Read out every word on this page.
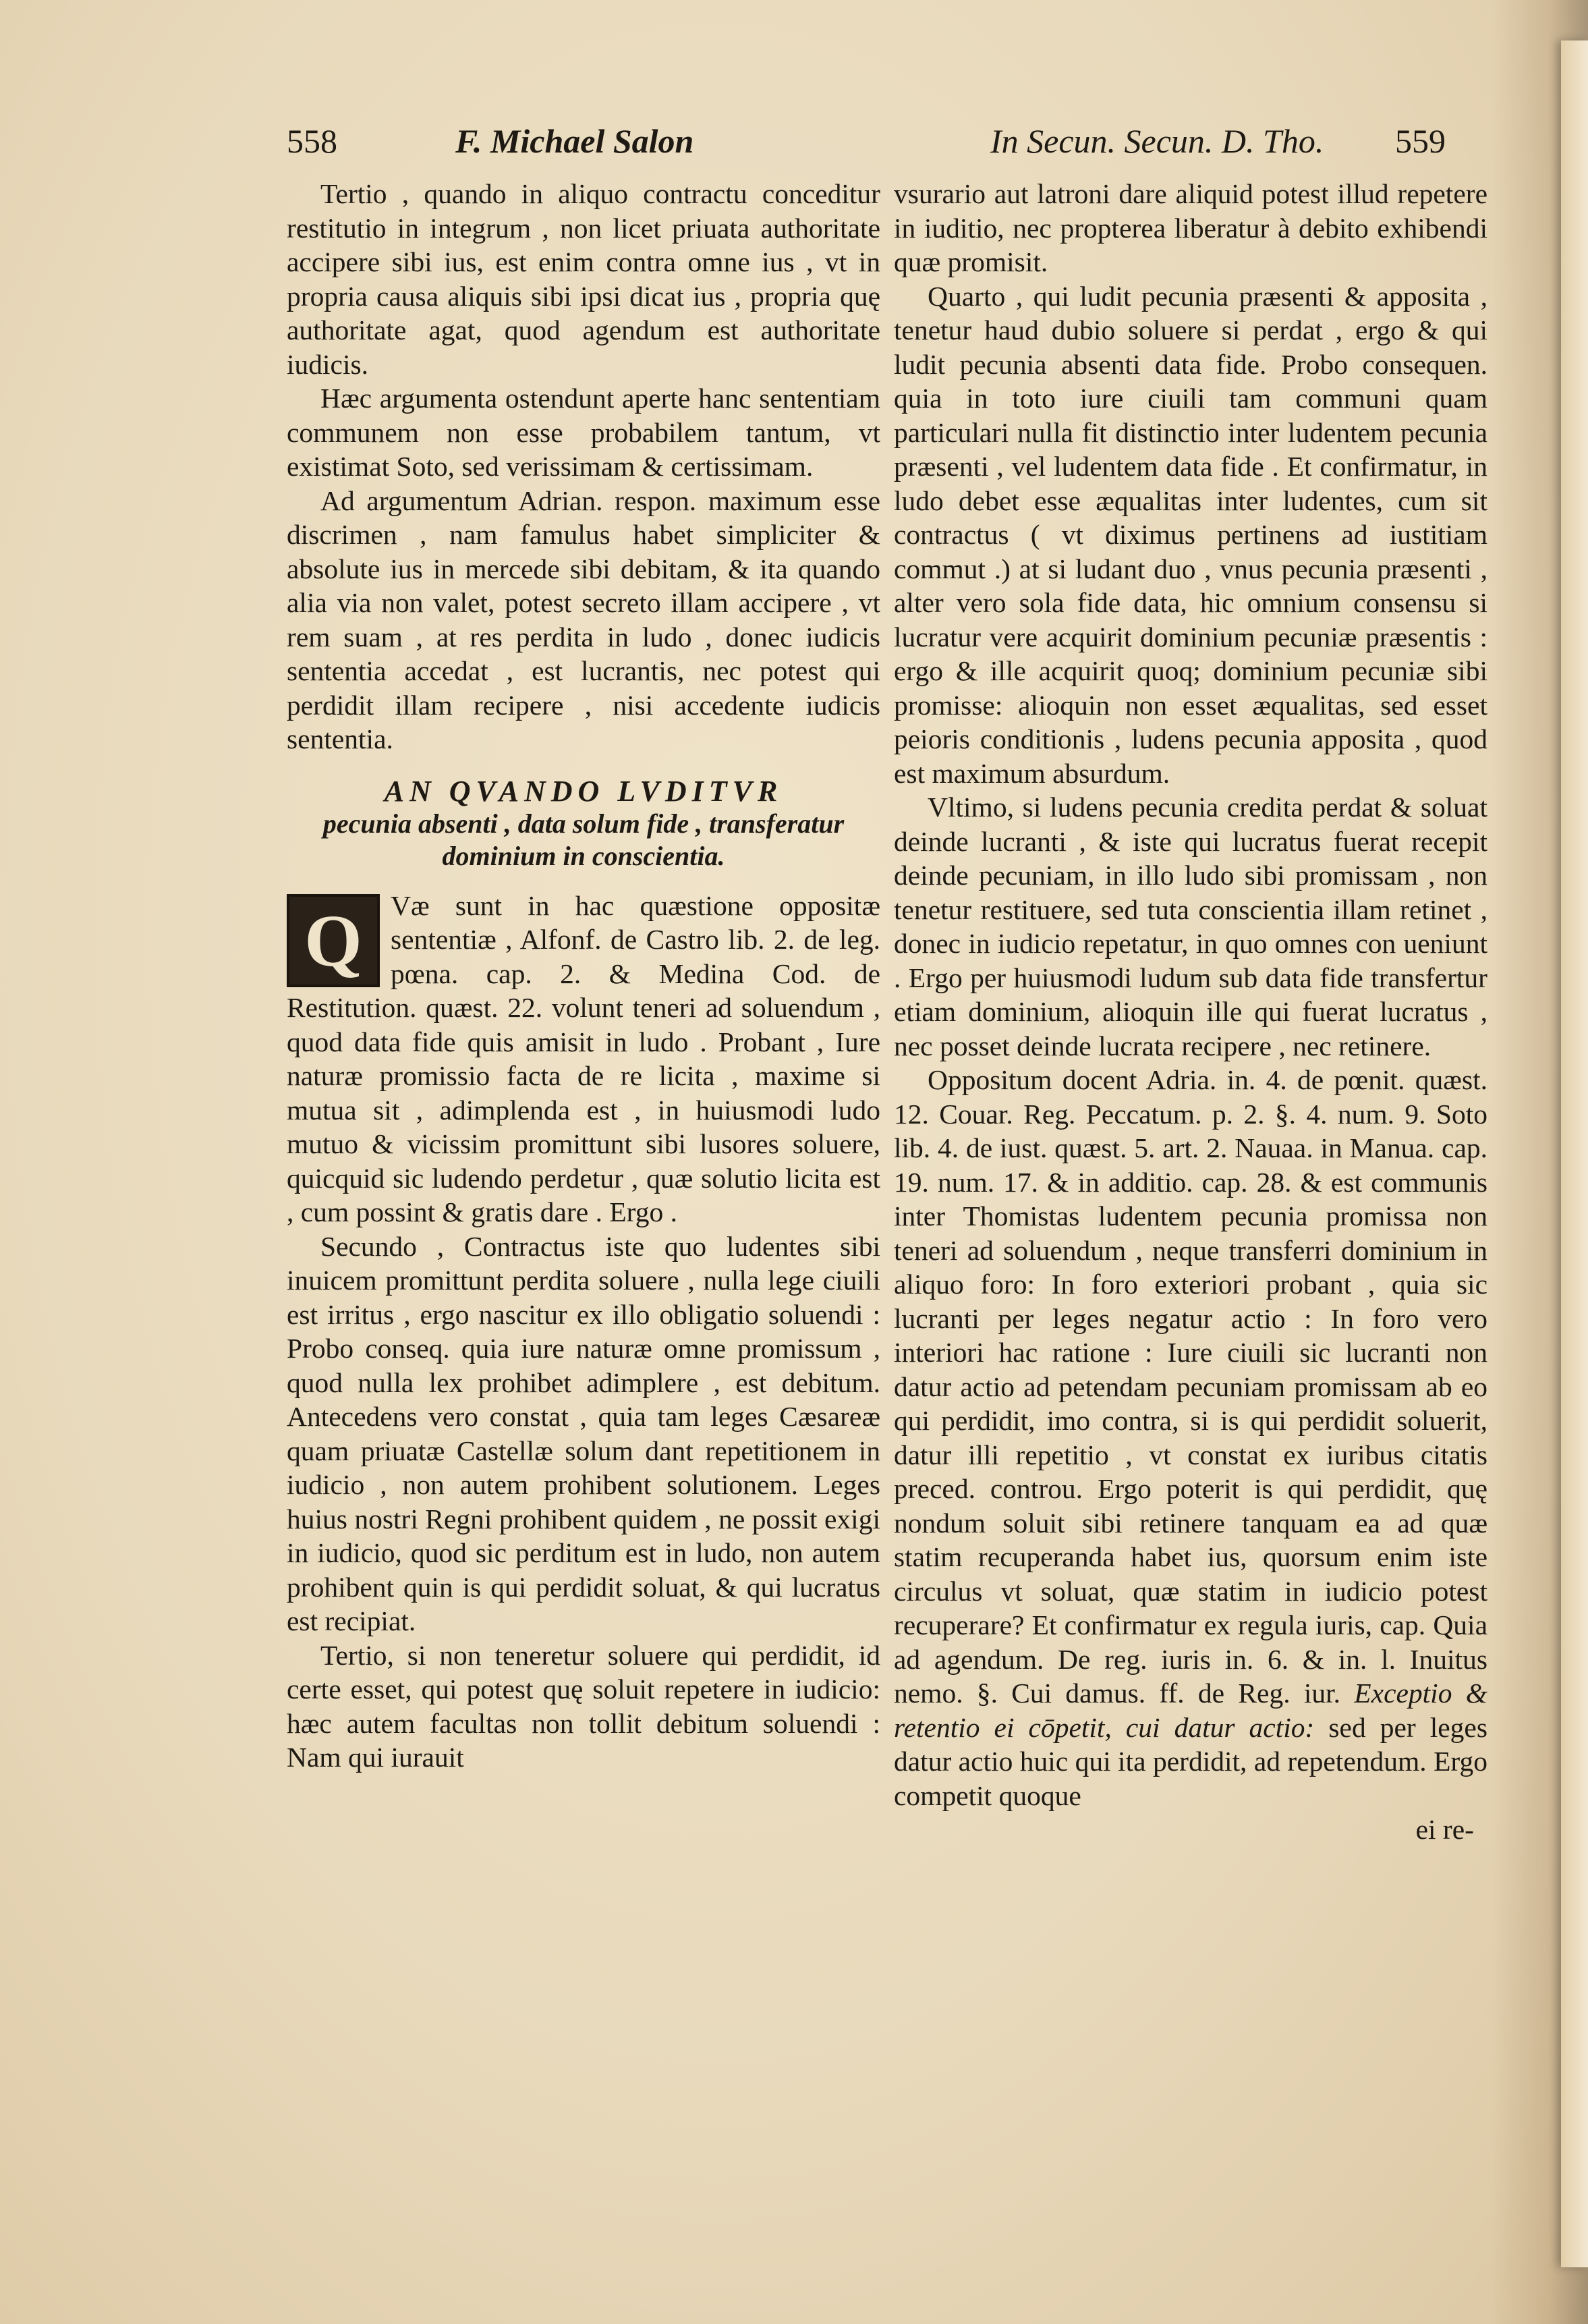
558	F. Michael Salon	In Secun. Secun. D. Tho. 559

Tertio , quando in aliquo contractu conceditur restitutio in integrum , non licet priuata authoritate accipere sibi ius, est enim contra omne ius , vt in propria causa aliquis sibi ipsi dicat ius , propria quę authoritate agat, quod agendum est authoritate iudicis.

Hæc argumenta ostendunt aperte hanc sententiam communem non esse probabilem tantum, vt existimat Soto, sed verissimam & certissimam.

Ad argumentum Adrian. respon. maximum esse discrimen , nam famulus habet simpliciter & absolute ius in mercede sibi debitam, & ita quando alia via non valet, potest secreto illam accipere , vt rem suam , at res perdita in ludo , donec iudicis sententia accedat , est lucrantis, nec potest qui perdidit illam recipere , nisi accedente iudicis sententia.

AN QVANDO LVDITVR
pecunia absenti , data solum fide , transferatur dominium in conscientia.

Q	Væ sunt in hac quæstione oppositæ sententiæ , Alfonf. de Castro lib. 2. de leg. pœna. cap. 2. & Medina Cod. de Restitution. quæst. 22. volunt teneri ad soluendum , quod data fide quis amisit in ludo . Probant , Iure naturæ promissio facta de re licita , maxime si mutua sit , adimplenda est , in huiusmodi ludo mutuo & vicissim promittunt sibi lusores soluere, quicquid sic ludendo perdetur , quæ solutio licita est , cum possint & gratis dare . Ergo .

Secundo , Contractus iste quo ludentes sibi inuicem promittunt perdita soluere , nulla lege ciuili est irritus , ergo nascitur ex illo obligatio soluendi : Probo conseq. quia iure naturæ omne promissum , quod nulla lex prohibet adimplere , est debitum. Antecedens vero constat , quia tam leges Cæsareæ quam priuatæ Castellæ solum dant repetitionem in iudicio , non autem prohibent solutionem. Leges huius nostri Regni prohibent quidem , ne possit exigi in iudicio, quod sic perditum est in ludo, non autem prohibent quin is qui perdidit soluat, & qui lucratus est recipiat.

Tertio, si non teneretur soluere qui perdidit, id certe esset, qui potest quę soluit repetere in iudicio: hæc autem facultas non tollit debitum soluendi : Nam qui iurauit

vsurario aut latroni dare aliquid potest illud repetere in iuditio, nec propterea liberatur à debito exhibendi quæ promisit.

Quarto , qui ludit pecunia præsenti & apposita , tenetur haud dubio soluere si perdat , ergo & qui ludit pecunia absenti data fide. Probo consequen. quia in toto iure ciuili tam communi quam particulari nulla fit distinctio inter ludentem pecunia præsenti , vel ludentem data fide . Et confirmatur, in ludo debet esse æqualitas inter ludentes, cum sit contractus ( vt diximus pertinens ad iustitiam commut .) at si ludant duo , vnus pecunia præsenti , alter vero sola fide data, hic omnium consensu si lucratur vere acquirit dominium pecuniæ præsentis : ergo & ille acquirit quoq; dominium pecuniæ sibi promisse: alioquin non esset æqualitas, sed esset peioris conditionis , ludens pecunia apposita , quod est maximum absurdum.

Vltimo, si ludens pecunia credita perdat & soluat deinde lucranti , & iste qui lucratus fuerat recepit deinde pecuniam, in illo ludo sibi promissam , non tenetur restituere, sed tuta conscientia illam retinet , donec in iudicio repetatur, in quo omnes con ueniunt . Ergo per huiusmodi ludum sub data fide transfertur etiam dominium, alioquin ille qui fuerat lucratus , nec posset deinde lucrata recipere , nec retinere.

Oppositum docent Adria. in. 4. de pœnit. quæst. 12. Couar. Reg. Peccatum. p. 2. §. 4. num. 9. Soto lib. 4. de iust. quæst. 5. art. 2. Nauaa. in Manua. cap. 19. num. 17. & in additio. cap. 28. & est communis inter Thomistas ludentem pecunia promissa non teneri ad soluendum , neque transferri dominium in aliquo foro: In foro exteriori probant , quia sic lucranti per leges negatur actio : In foro vero interiori hac ratione : Iure ciuili sic lucranti non datur actio ad petendam pecuniam promissam ab eo qui perdidit, imo contra, si is qui perdidit soluerit, datur illi repetitio , vt constat ex iuribus citatis preced. controu. Ergo poterit is qui perdidit, quę nondum soluit sibi retinere tanquam ea ad quæ statim recuperanda habet ius, quorsum enim iste circulus vt soluat, quæ statim in iudicio potest recuperare? Et confirmatur ex regula iuris, cap. Quia ad agendum. De reg. iuris in. 6. & in. l. Inuitus nemo. §. Cui damus. ff. de Reg. iur. Exceptio & retentio ei cōpetit, cui datur actio: sed per leges datur actio huic qui ita perdidit, ad repetendum. Ergo competit quoque

ei re-
